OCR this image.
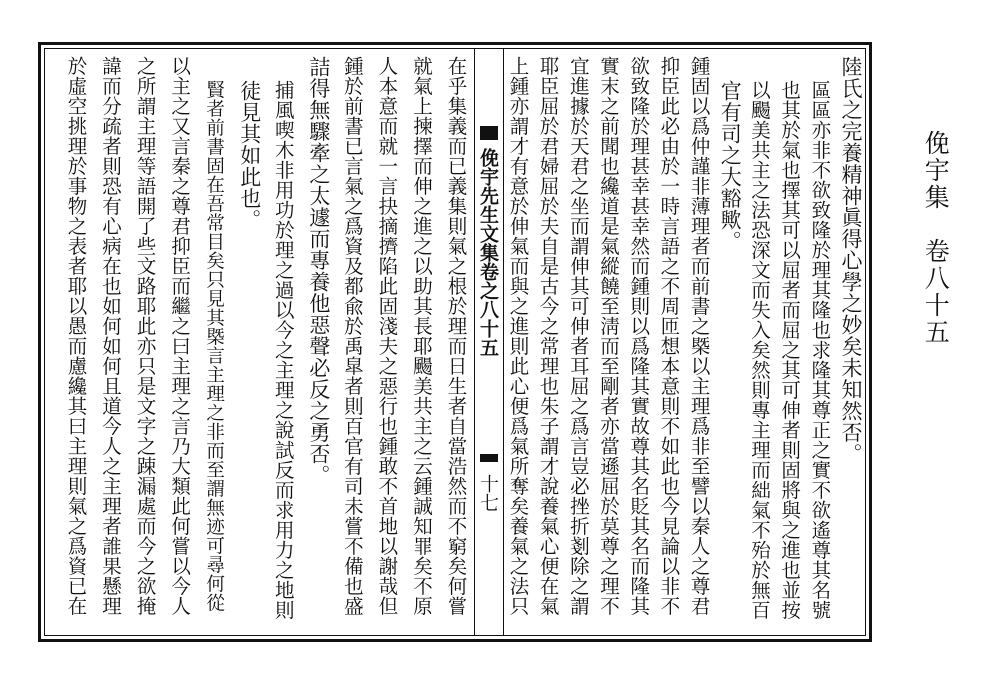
俛宇集　卷八十五
陸氏之完養精神眞得心學之妙矣未知然否。
區區亦非不欲致隆於理其隆也求隆其尊正之實不欲遙尊其名號
也其於氣也擇其可以屈者而屈之其可伸者則固將與之進也並按
以颺美共主之法恐深文而失入矣然則專主理而絀氣不殆於無百
官有司之大豁歟。
鍾固以爲仲謹非薄理者而前書之槩以主理爲非至譬以秦人之尊君
抑臣此必由於一時言語之不周匝想本意則不如此也今見論以非不
欲致隆於理甚幸甚幸然而鍾則以爲隆其實故尊其名貶其名而隆其
實末之前聞也纔道是氣縱饒至淸而至剛者亦當遜屈於莫尊之理不
宜進據於天君之坐而謂伸其可伸者耳屈之爲言豈必挫折剗除之謂
耶臣屈於君婦屈於夫自是古今之常理也朱子謂才說養氣心便在氣
俛宇先生文集卷之八十五
十七
在乎集義而已義集則氣之根於理而日生者自當浩然而不窮矣何嘗
就氣上揀擇而伸之進之以助其長耶颺美共主之云鍾誠知罪矣不原
人本意而就一言抉摘擠陷此固淺夫之惡行也鍾敢不首地以謝哉但
鍾於前書已言氣之爲資及都兪於禹皐者則百官有司未嘗不備也盛
詰得無驟牽之太遽而專養他惡聲必反之勇否。
捕風喫木非用功於理之過以今之主理之說試反而求用力之地則
徒見其如此也。
賢者前書固在吾常目矣只見其槩言主理之非而至謂無迹可尋何從
以主之又言秦之尊君抑臣而繼之曰主理之言乃大類此何嘗以今人
之所謂主理等語開了些文路耶此亦只是文字之踈漏處而今之欲掩
諱而分疏者則恐有心病在也如何如何且道今人之主理者誰果懸理
於虛空挑理於事物之表者耶以愚而慮纔其曰主理則氣之爲資已在	上鍾亦謂才有意於伸氣而與之進則此心便爲氣所奪矣養氣之法只
